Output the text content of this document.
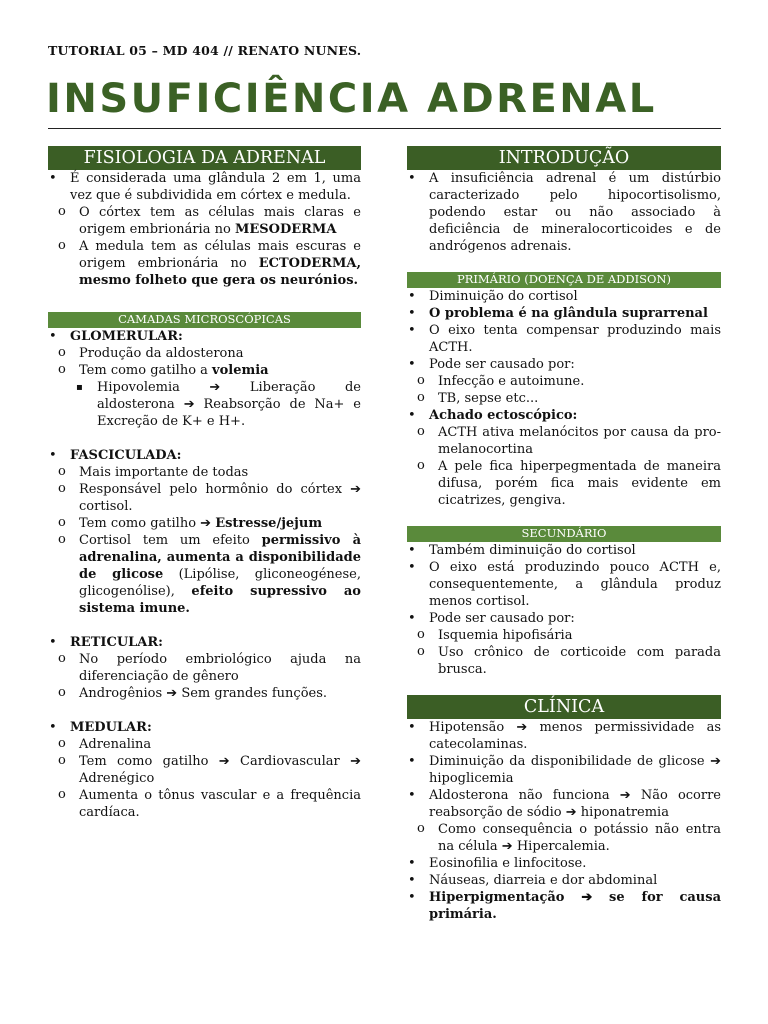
TUTORIAL 05 – MD 404 // RENATO NUNES.
INSUFICIÊNCIA ADRENAL
FISIOLOGIA DA ADRENAL
• É considerada uma glândula 2 em 1, uma vez que é subdividida em córtex e medula.
o O córtex tem as células mais claras e origem embrionária no MESODERMA
o A medula tem as células mais escuras e origem embrionária no ECTODERMA, mesmo folheto que gera os neurónios.
CAMADAS MICROSCÓPICAS
• GLOMERULAR:
o Produção da aldosterona
o Tem como gatilho a volemia
▪ Hipovolemia ➔ Liberação de aldosterona ➔ Reabsorção de Na+ e Excreção de K+ e H+.
• FASCICULADA:
o Mais importante de todas
o Responsável pelo hormônio do córtex ➔ cortisol.
o Tem como gatilho ➔ Estresse/jejum
o Cortisol tem um efeito permissivo à adrenalina, aumenta a disponibilidade de glicose (Lipólise, gliconeogénese, glicogenólise), efeito supressivo ao sistema imune.
• RETICULAR:
o No período embriológico ajuda na diferenciação de gênero
o Androgênios ➔ Sem grandes funções.
• MEDULAR:
o Adrenalina
o Tem como gatilho ➔ Cardiovascular ➔ Adrenégico
o Aumenta o tônus vascular e a frequência cardíaca.
INTRODUÇÃO
• A insuficiência adrenal é um distúrbio caracterizado pelo hipocortisolismo, podendo estar ou não associado à deficiência de mineralocorticoides e de andrógenos adrenais.
PRIMÁRIO (DOENÇA DE ADDISON)
• Diminuição do cortisol
• O problema é na glândula suprarrenal
• O eixo tenta compensar produzindo mais ACTH.
• Pode ser causado por:
o Infecção e autoimune.
o TB, sepse etc...
• Achado ectoscópico:
o ACTH ativa melanócitos por causa da pro-melanocortina
o A pele fica hiperpegmentada de maneira difusa, porém fica mais evidente em cicatrizes, gengiva.
SECUNDÁRIO
• Também diminuição do cortisol
• O eixo está produzindo pouco ACTH e, consequentemente, a glândula produz menos cortisol.
• Pode ser causado por:
o Isquemia hipofisária
o Uso crônico de corticoide com parada brusca.
CLÍNICA
• Hipotensão ➔ menos permissividade as catecolaminas.
• Diminuição da disponibilidade de glicose ➔ hipoglicemia
• Aldosterona não funciona ➔ Não ocorre reabsorção de sódio ➔ hiponatremia
o Como consequência o potássio não entra na célula ➔ Hipercalemia.
• Eosinofilia e linfocitose.
• Náuseas, diarreia e dor abdominal
• Hiperpigmentação ➔ se for causa primária.
